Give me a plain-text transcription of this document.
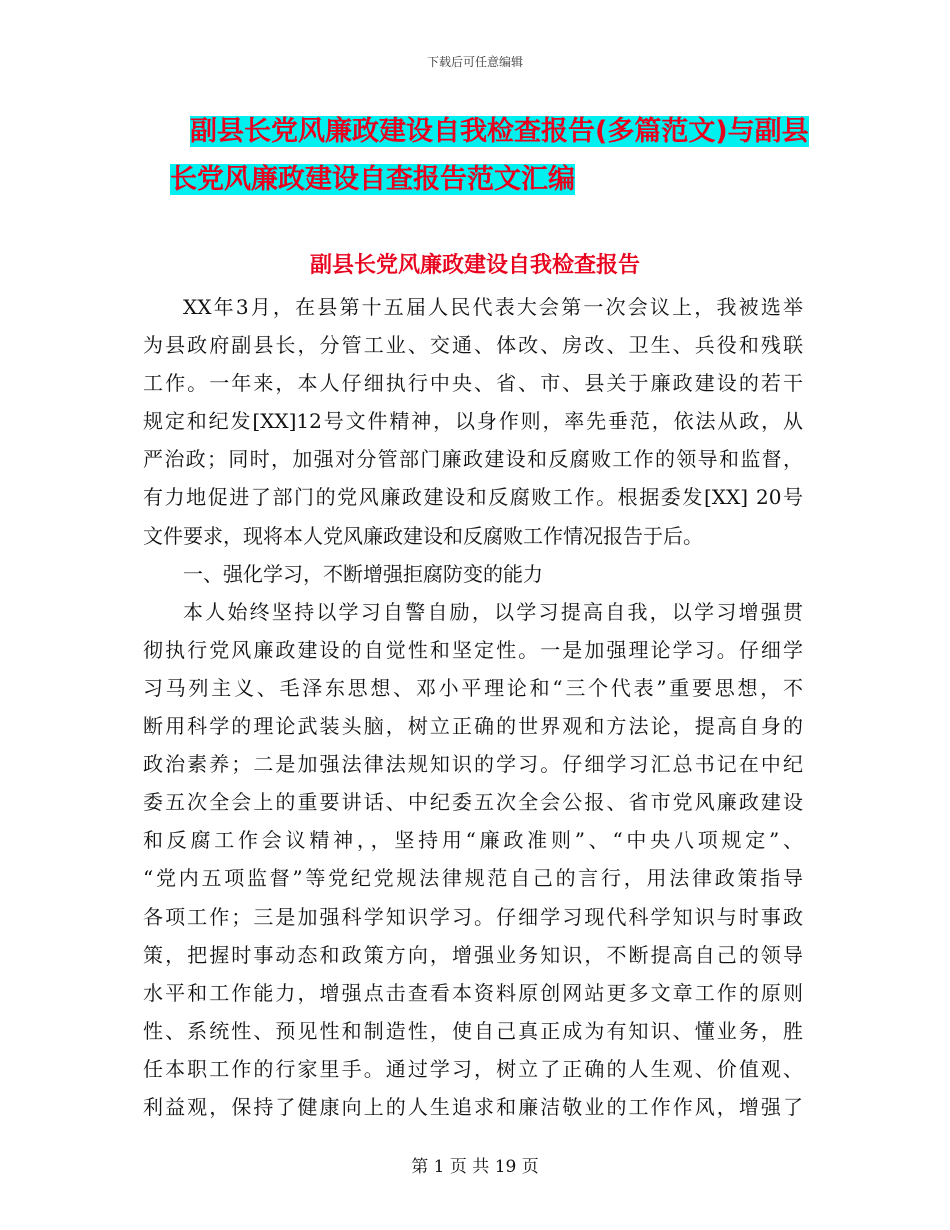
下载后可任意编辑
副县长党风廉政建设自我检查报告(多篇范文)与副县
长党风廉政建设自查报告范文汇编
副县长党风廉政建设自我检查报告
XX年3月，在县第十五届人民代表大会第一次会议上，我被选举
为县政府副县长，分管工业、交通、体改、房改、卫生、兵役和残联
工作。一年来，本人仔细执行中央、省、市、县关于廉政建设的若干
规定和纪发[XX]12号文件精神，以身作则，率先垂范，依法从政，从
严治政；同时，加强对分管部门廉政建设和反腐败工作的领导和监督，
有力地促进了部门的党风廉政建设和反腐败工作。根据委发[XX] 20号
文件要求，现将本人党风廉政建设和反腐败工作情况报告于后。
一、强化学习，不断增强拒腐防变的能力
本人始终坚持以学习自警自励，以学习提高自我，以学习增强贯
彻执行党风廉政建设的自觉性和坚定性。一是加强理论学习。仔细学
习马列主义、毛泽东思想、邓小平理论和“三个代表”重要思想，不
断用科学的理论武装头脑，树立正确的世界观和方法论，提高自身的
政治素养；二是加强法律法规知识的学习。仔细学习汇总书记在中纪
委五次全会上的重要讲话、中纪委五次全会公报、省市党风廉政建设
和反腐工作会议精神，，坚持用“廉政准则”、“中央八项规定”、
“党内五项监督”等党纪党规法律规范自己的言行，用法律政策指导
各项工作；三是加强科学知识学习。仔细学习现代科学知识与时事政
策，把握时事动态和政策方向，增强业务知识，不断提高自己的领导
水平和工作能力，增强点击查看本资料原创网站更多文章工作的原则
性、系统性、预见性和制造性，使自己真正成为有知识、懂业务，胜
任本职工作的行家里手。通过学习，树立了正确的人生观、价值观、
利益观，保持了健康向上的人生追求和廉洁敬业的工作作风，增强了
第 1 页 共 19 页
